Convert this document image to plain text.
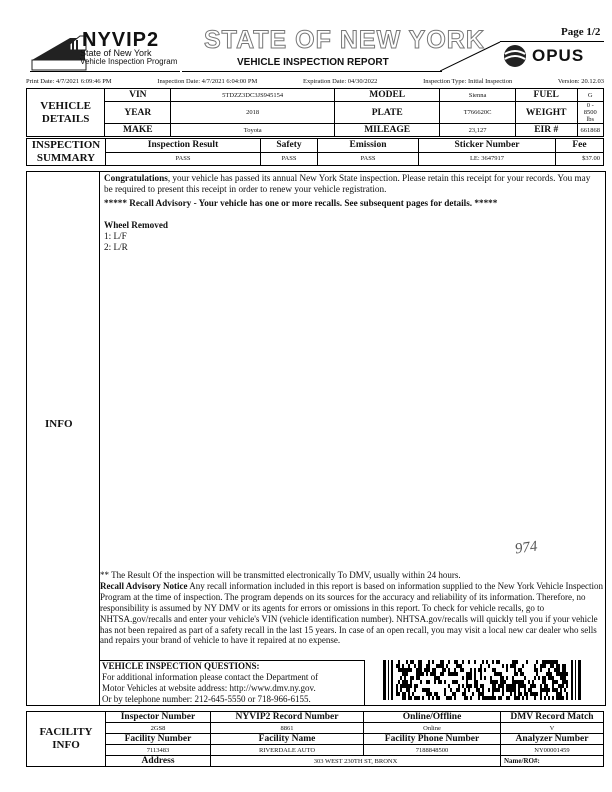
NYVIP2
State of New York
Vehicle Inspection Program
STATE OF NEW YORK
VEHICLE INSPECTION REPORT
Page 1/2
OPUS
Print Date: 4/7/2021 6:09:46 PM	Inspection Date: 4/7/2021 6:04:00 PM	Expiration Date: 04/30/2022	Inspection Type: Initial Inspection	Version: 20.12.03
VEHICLE
DETAILS	VIN	5TDZZ3DC3JS945154	MODEL	Sienna	FUEL	G
	YEAR	2018	PLATE	T766620C	WEIGHT	0 - 8500 lbs
	MAKE	Toyota	MILEAGE	23,127	EIR #	661868
INSPECTION
SUMMARY	Inspection Result	Safety	Emission	Sticker Number	Fee
	PASS	PASS	PASS	LE: 3647917	$37.00
INFO

Congratulations, your vehicle has passed its annual New York State inspection. Please retain this receipt for your records. You may be required to present this receipt in order to renew your vehicle registration.

***** Recall Advisory - Your vehicle has one or more recalls. See subsequent pages for details. *****

Wheel Removed

1: L/F

2: L/R

974

** The Result Of the inspection will be transmitted electronically To DMV, usually within 24 hours.

Recall Advisory Notice Any recall information included in this report is based on information supplied to the New York Vehicle Inspection Program at the time of inspection. The program depends on its sources for the accuracy and reliability of its information. Therefore, no responsibility is assumed by NY DMV or its agents for errors or omissions in this report. To check for vehicle recalls, go to NHTSA.gov/recalls and enter your vehicle's VIN (vehicle identification number). NHTSA.gov/recalls will quickly tell you if your vehicle has not been repaired as part of a safety recall in the last 15 years. In case of an open recall, you may visit a local new car dealer who sells and repairs your brand of vehicle to have it repaired at no expense.

VEHICLE INSPECTION QUESTIONS:
For additional information please contact the Department of
Motor Vehicles at website address: http://www.dmv.ny.gov.
Or by telephone number: 212-645-5550 or 718-966-6155.
FACILITY
INFO	Inspector Number	NYVIP2 Record Number	Online/Offline	DMV Record Match
	2GS8	8861	Online	V
	Facility Number	Facility Name	Facility Phone Number	Analyzer Number
	7113483	RIVERDALE AUTO	7188848500	NY00001459
	Address	303 WEST 230TH ST, BRONX		Name/RO#:
